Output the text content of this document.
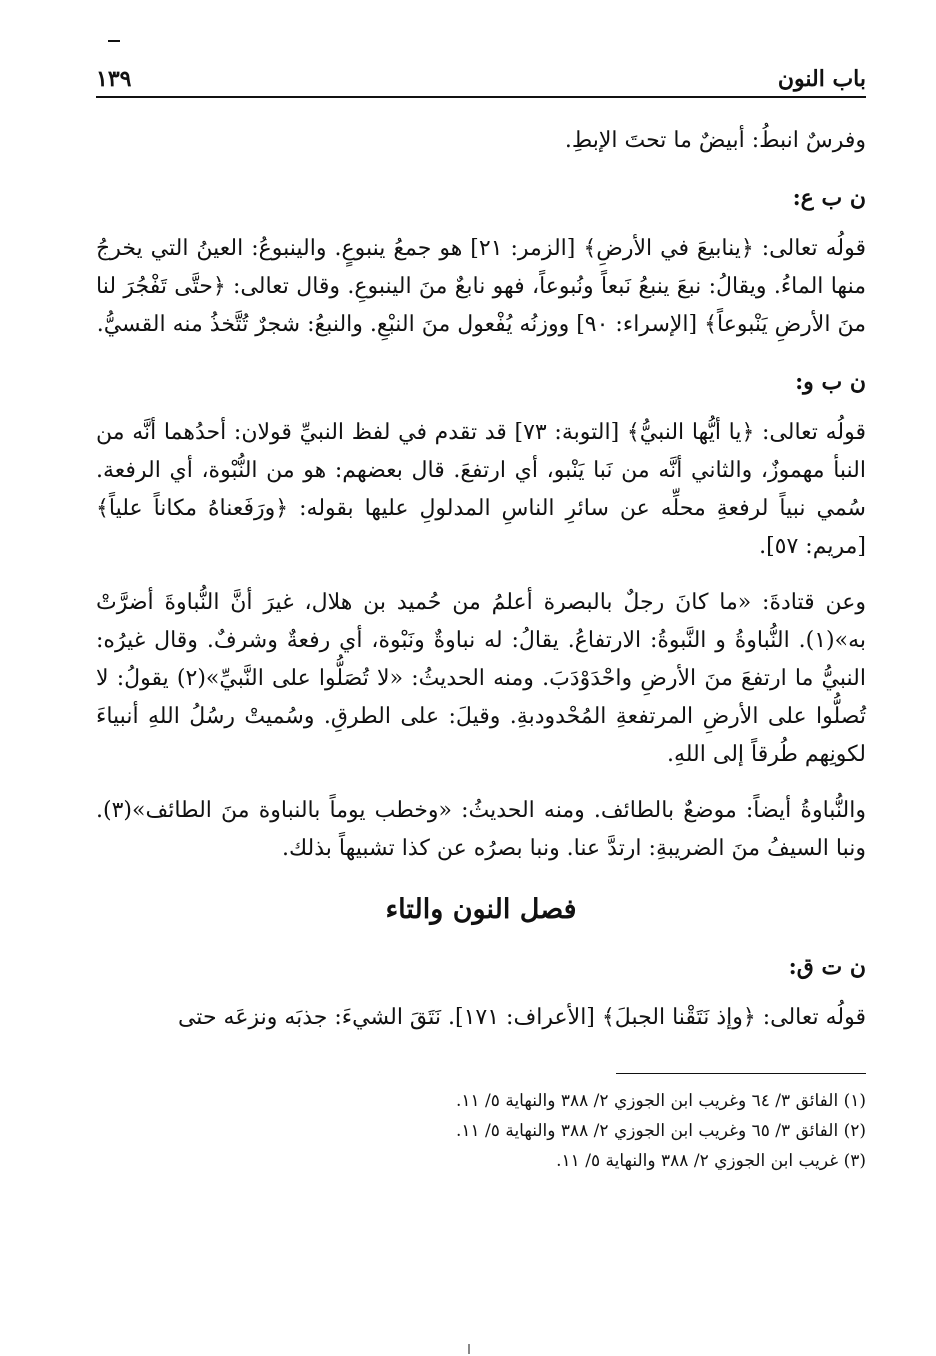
باب النون
١٣٩

وفرسٌ انبطُ: أبيضٌ ما تحتَ الإبطِ.

ن ب ع:

قولُه تعالى: ﴿ينابيعَ في الأرضِ﴾ [الزمر: ٢١] هو جمعُ ينبوعٍ. والينبوعُ: العينُ التي يخرجُ منها الماءُ. ويقالُ: نبعَ ينبعُ نَبعاً ونُبوعاً، فهو نابعٌ منَ الينبوعِ. وقال تعالى: ﴿حتَّى تَفْجُرَ لنا منَ الأرضِ يَنْبوعاً﴾ [الإسراء: ٩٠] ووزنُه يُفْعول منَ النبْعِ. والنبعُ: شجرٌ تُتَّخذُ منه القسيُّ.

ن ب و:

قولُه تعالى: ﴿يا أيُّها النبيُّ﴾ [التوبة: ٧٣] قد تقدم في لفظ النبيِّ قولان: أحدُهما أنَّه من النبأ مهموزٌ، والثاني أنَّه من نَبا يَنْبو، أي ارتفعَ. قال بعضهم: هو من النُّبْوة، أي الرفعة. سُمي نبياً لرفعةِ محلِّه عن سائرِ الناسِ المدلولِ عليها بقوله: ﴿ورَفَعناهُ مكاناً علياً﴾ [مريم: ٥٧].

وعن قتادةَ: «ما كانَ رجلٌ بالبصرة أعلمُ من حُميد بن هلال، غيرَ أنَّ النُّباوةَ أضرَّتْ به»(١). النُّباوةُ و النَّبوةُ: الارتفاعُ. يقالُ: له نباوةٌ ونَبْوة، أي رفعةٌ وشرفٌ. وقال غيرُه: النبيُّ ما ارتفعَ منَ الأرضِ واحْدَوْدَبَ. ومنه الحديثُ: «لا تُصَلُّوا على النَّبيِّ»(٢) يقولُ: لا تُصلُّوا على الأرضِ المرتفعةِ المُحْدودبةِ. وقيلَ: على الطرقِ. وسُميتْ رسُلُ اللهِ أنبياءَ لكونِهم طُرقاً إلى اللهِ.

والنُّباوةُ أيضاً: موضعٌ بالطائف. ومنه الحديثُ: «وخطب يوماً بالنباوة منَ الطائف»(٣). ونبا السيفُ منَ الضريبةِ: ارتدَّ عنا. ونبا بصرُه عن كذا تشبيهاً بذلك.

فصل النون والتاء
ن ت ق:

قولُه تعالى: ﴿وإذ نَتَقْنا الجبلَ﴾ [الأعراف: ١٧١]. نَتَقَ الشيءَ: جذبَه ونزعَه حتى

(١) الفائق ٣/ ٦٤ وغريب ابن الجوزي ٢/ ٣٨٨ والنهاية ٥/ ١١.
(٢) الفائق ٣/ ٦٥ وغريب ابن الجوزي ٢/ ٣٨٨ والنهاية ٥/ ١١.
(٣) غريب ابن الجوزي ٢/ ٣٨٨ والنهاية ٥/ ١١.
